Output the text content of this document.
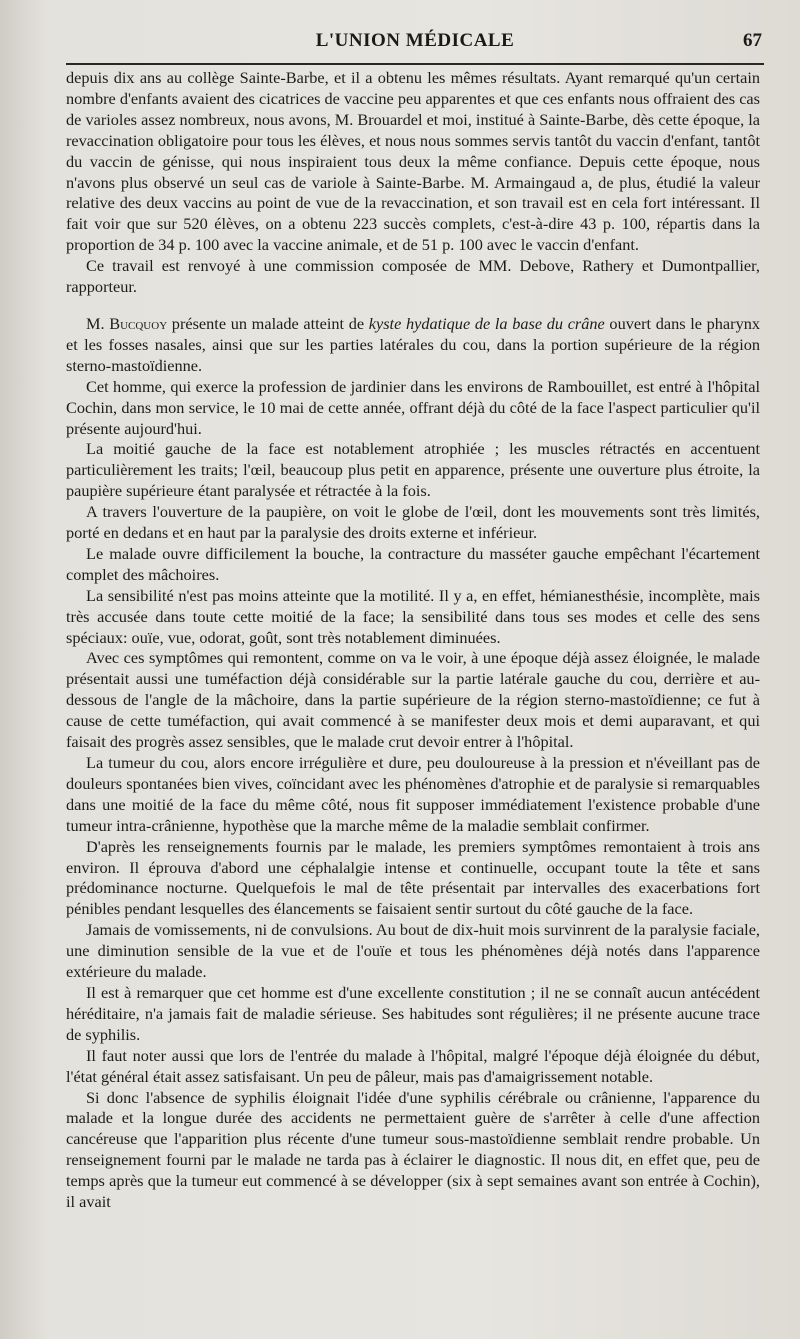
L'UNION MÉDICALE	67

depuis dix ans au collège Sainte-Barbe, et il a obtenu les mêmes résultats. Ayant remarqué qu'un certain nombre d'enfants avaient des cicatrices de vaccine peu apparentes et que ces enfants nous offraient des cas de varioles assez nombreux, nous avons, M. Brouardel et moi, institué à Sainte-Barbe, dès cette époque, la revaccination obligatoire pour tous les élèves, et nous nous sommes servis tantôt du vaccin d'enfant, tantôt du vaccin de génisse, qui nous inspiraient tous deux la même confiance. Depuis cette époque, nous n'avons plus observé un seul cas de variole à Sainte-Barbe. M. Armaingaud a, de plus, étudié la valeur relative des deux vaccins au point de vue de la revaccination, et son travail est en cela fort intéressant. Il fait voir que sur 520 élèves, on a obtenu 223 succès complets, c'est-à-dire 43 p. 100, répartis dans la proportion de 34 p. 100 avec la vaccine animale, et de 51 p. 100 avec le vaccin d'enfant.

Ce travail est renvoyé à une commission composée de MM. Debove, Rathery et Dumontpallier, rapporteur.

M. Bucquoy présente un malade atteint de kyste hydatique de la base du crâne ouvert dans le pharynx et les fosses nasales, ainsi que sur les parties latérales du cou, dans la portion supérieure de la région sterno-mastoïdienne.

Cet homme, qui exerce la profession de jardinier dans les environs de Rambouillet, est entré à l'hôpital Cochin, dans mon service, le 10 mai de cette année, offrant déjà du côté de la face l'aspect particulier qu'il présente aujourd'hui.

La moitié gauche de la face est notablement atrophiée ; les muscles rétractés en accentuent particulièrement les traits; l'œil, beaucoup plus petit en apparence, présente une ouverture plus étroite, la paupière supérieure étant paralysée et rétractée à la fois.

A travers l'ouverture de la paupière, on voit le globe de l'œil, dont les mouvements sont très limités, porté en dedans et en haut par la paralysie des droits externe et inférieur.

Le malade ouvre difficilement la bouche, la contracture du masséter gauche empêchant l'écartement complet des mâchoires.

La sensibilité n'est pas moins atteinte que la motilité. Il y a, en effet, hémianesthésie, incomplète, mais très accusée dans toute cette moitié de la face; la sensibilité dans tous ses modes et celle des sens spéciaux: ouïe, vue, odorat, goût, sont très notablement diminuées.

Avec ces symptômes qui remontent, comme on va le voir, à une époque déjà assez éloignée, le malade présentait aussi une tuméfaction déjà considérable sur la partie latérale gauche du cou, derrière et au-dessous de l'angle de la mâchoire, dans la partie supérieure de la région sterno-mastoïdienne; ce fut à cause de cette tuméfaction, qui avait commencé à se manifester deux mois et demi auparavant, et qui faisait des progrès assez sensibles, que le malade crut devoir entrer à l'hôpital.

La tumeur du cou, alors encore irrégulière et dure, peu douloureuse à la pression et n'éveillant pas de douleurs spontanées bien vives, coïncidant avec les phénomènes d'atrophie et de paralysie si remarquables dans une moitié de la face du même côté, nous fit supposer immédiatement l'existence probable d'une tumeur intra-crânienne, hypothèse que la marche même de la maladie semblait confirmer.

D'après les renseignements fournis par le malade, les premiers symptômes remontaient à trois ans environ. Il éprouva d'abord une céphalalgie intense et continuelle, occupant toute la tête et sans prédominance nocturne. Quelquefois le mal de tête présentait par intervalles des exacerbations fort pénibles pendant lesquelles des élancements se faisaient sentir surtout du côté gauche de la face.

Jamais de vomissements, ni de convulsions. Au bout de dix-huit mois survinrent de la paralysie faciale, une diminution sensible de la vue et de l'ouïe et tous les phénomènes déjà notés dans l'apparence extérieure du malade.

Il est à remarquer que cet homme est d'une excellente constitution ; il ne se connaît aucun antécédent héréditaire, n'a jamais fait de maladie sérieuse. Ses habitudes sont régulières; il ne présente aucune trace de syphilis.

Il faut noter aussi que lors de l'entrée du malade à l'hôpital, malgré l'époque déjà éloignée du début, l'état général était assez satisfaisant. Un peu de pâleur, mais pas d'amaigrissement notable.

Si donc l'absence de syphilis éloignait l'idée d'une syphilis cérébrale ou crânienne, l'apparence du malade et la longue durée des accidents ne permettaient guère de s'arrêter à celle d'une affection cancéreuse que l'apparition plus récente d'une tumeur sous-mastoïdienne semblait rendre probable. Un renseignement fourni par le malade ne tarda pas à éclairer le diagnostic. Il nous dit, en effet que, peu de temps après que la tumeur eut commencé à se développer (six à sept semaines avant son entrée à Cochin), il avait
